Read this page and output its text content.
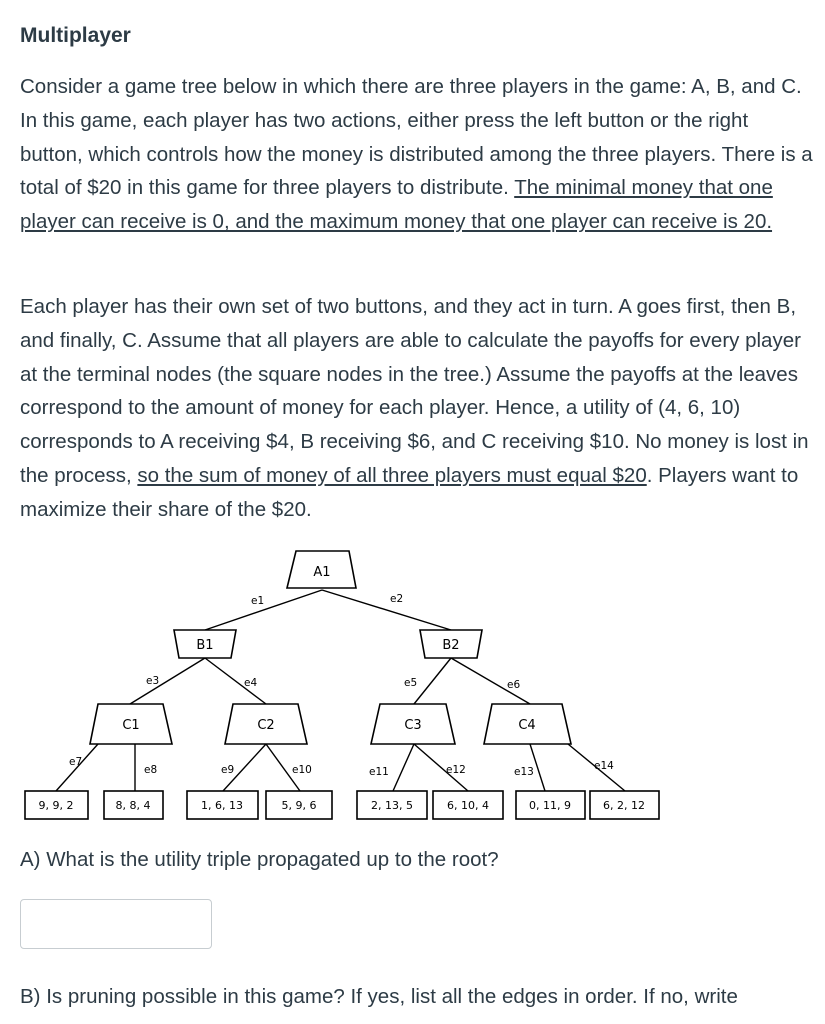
Multiplayer
Consider a game tree below in which there are three players in the game: A, B, and C. In this game, each player has two actions, either press the left button or the right button, which controls how the money is distributed among the three players. There is a total of $20 in this game for three players to distribute. The minimal money that one player can receive is 0, and the maximum money that one player can receive is 20.
Each player has their own set of two buttons, and they act in turn. A goes first, then B, and finally, C. Assume that all players are able to calculate the payoffs for every player at the terminal nodes (the square nodes in the tree.) Assume the payoffs at the leaves correspond to the amount of money for each player. Hence, a utility of (4, 6, 10) corresponds to A receiving $4, B receiving $6, and C receiving $10. No money is lost in the process, so the sum of money of all three players must equal $20. Players want to maximize their share of the $20.
A1
B1	B2
C1	C2	C3	C4
e1	e2
e3	e4	e5	e6
e7
e8	e9	e10	e11	e12	e13	e14
9, 9, 2	8, 8, 4	1, 6, 13	5, 9, 6	2, 13, 5	6, 10, 4	0, 11, 9	6, 2, 12
A) What is the utility triple propagated up to the root?
B) Is pruning possible in this game? If yes, list all the edges in order. If no, write
